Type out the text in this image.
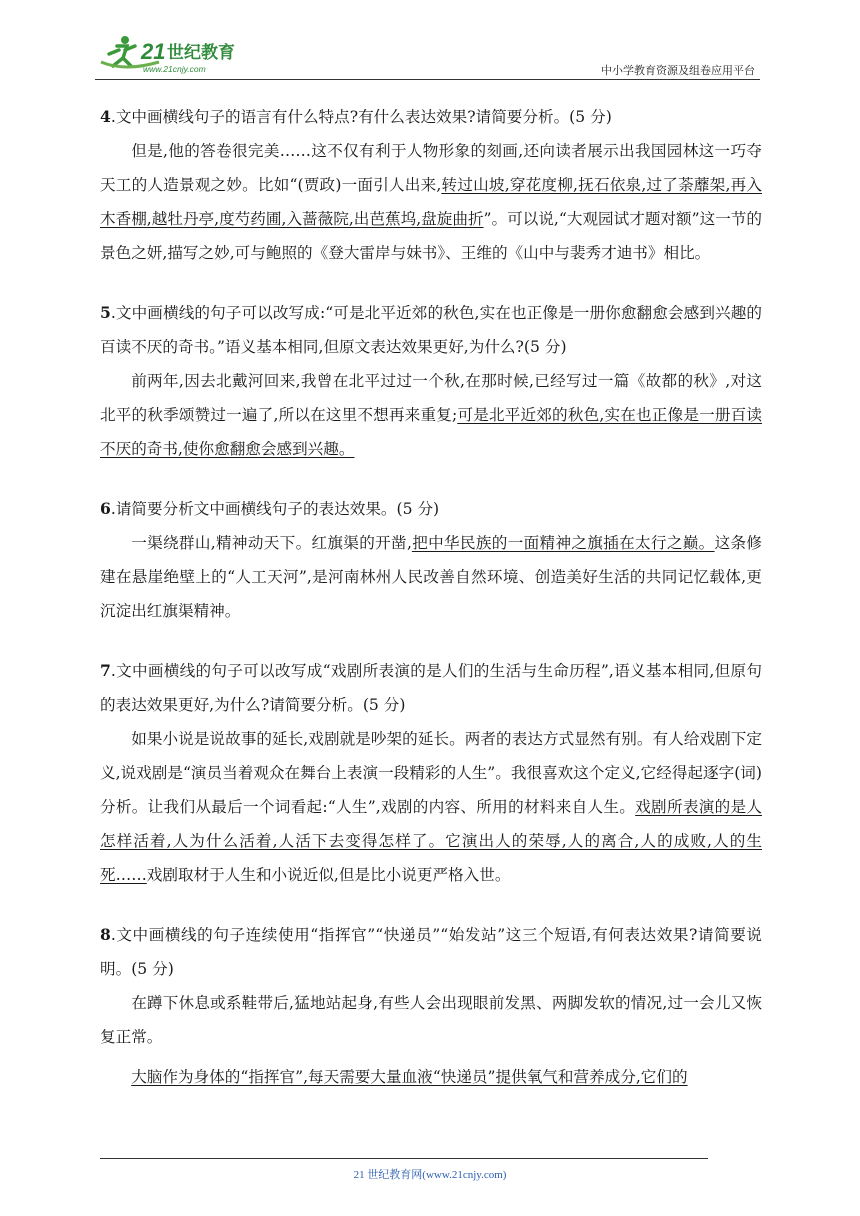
21 世纪教育
www.21cnjy.com	中小学教育资源及组卷应用平台

4.文中画横线句子的语言有什么特点?有什么表达效果?请简要分析。(5 分)

但是,他的答卷很完美……这不仅有利于人物形象的刻画,还向读者展示出我国园林这一巧夺天工的人造景观之妙。比如“(贾政)一面引人出来,转过山坡,穿花度柳,抚石依泉,过了荼蘼架,再入木香棚,越牡丹亭,度芍药圃,入蔷薇院,出芭蕉坞,盘旋曲折”。可以说,“大观园试才题对额”这一节的景色之妍,描写之妙,可与鲍照的《登大雷岸与妹书》、王维的《山中与裴秀才迪书》相比。

5.文中画横线的句子可以改写成:“可是北平近郊的秋色,实在也正像是一册你愈翻愈会感到兴趣的百读不厌的奇书。”语义基本相同,但原文表达效果更好,为什么?(5 分)

前两年,因去北戴河回来,我曾在北平过过一个秋,在那时候,已经写过一篇《故都的秋》,对这北平的秋季颂赞过一遍了,所以在这里不想再来重复;可是北平近郊的秋色,实在也正像是一册百读不厌的奇书,使你愈翻愈会感到兴趣。

6.请简要分析文中画横线句子的表达效果。(5 分)

一渠绕群山,精神动天下。红旗渠的开凿,把中华民族的一面精神之旗插在太行之巅。这条修建在悬崖绝壁上的“人工天河”,是河南林州人民改善自然环境、创造美好生活的共同记忆载体,更沉淀出红旗渠精神。

7.文中画横线的句子可以改写成“戏剧所表演的是人们的生活与生命历程”,语义基本相同,但原句的表达效果更好,为什么?请简要分析。(5 分)

如果小说是说故事的延长,戏剧就是吵架的延长。两者的表达方式显然有别。有人给戏剧下定义,说戏剧是“演员当着观众在舞台上表演一段精彩的人生”。我很喜欢这个定义,它经得起逐字(词)分析。让我们从最后一个词看起:“人生”,戏剧的内容、所用的材料来自人生。戏剧所表演的是人怎样活着,人为什么活着,人活下去变得怎样了。它演出人的荣辱,人的离合,人的成败,人的生死……戏剧取材于人生和小说近似,但是比小说更严格入世。

8.文中画横线的句子连续使用“指挥官”“快递员”“始发站”这三个短语,有何表达效果?请简要说明。(5 分)

在蹲下休息或系鞋带后,猛地站起身,有些人会出现眼前发黑、两脚发软的情况,过一会儿又恢复正常。

大脑作为身体的“指挥官”,每天需要大量血液“快递员”提供氧气和营养成分,它们的

21 世纪教育网(www.21cnjy.com)
